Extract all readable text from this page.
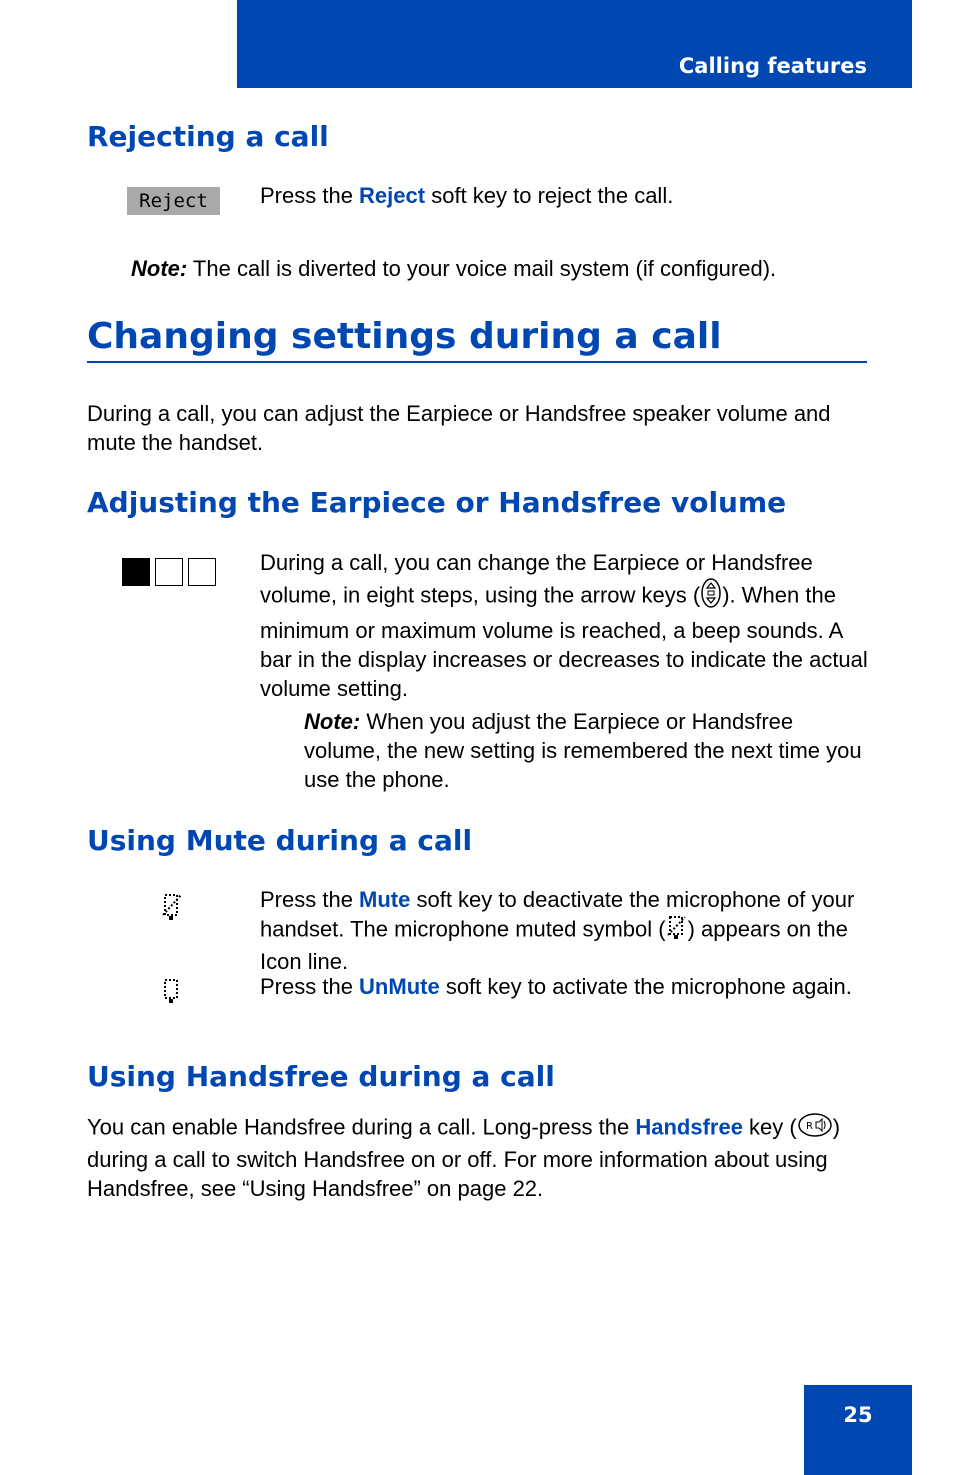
Calling features
Rejecting a call
Reject	Press the Reject soft key to reject the call.

Note: The call is diverted to your voice mail system (if configured).

Changing settings during a call

During a call, you can adjust the Earpiece or Handsfree speaker volume and mute the handset.

Adjusting the Earpiece or Handsfree volume

During a call, you can change the Earpiece or Handsfree volume, in eight steps, using the arrow keys ( ). When the minimum or maximum volume is reached, a beep sounds. A bar in the display increases or decreases to indicate the actual volume setting.

Note: When you adjust the Earpiece or Handsfree volume, the new setting is remembered the next time you use the phone.

Using Mute during a call

Press the Mute soft key to deactivate the microphone of your handset. The microphone muted symbol ( ) appears on the Icon line.

Press the UnMute soft key to activate the microphone again.

Using Handsfree during a call

You can enable Handsfree during a call. Long-press the Handsfree key ( R ) during a call to switch Handsfree on or off. For more information about using Handsfree, see “Using Handsfree” on page 22.

25
